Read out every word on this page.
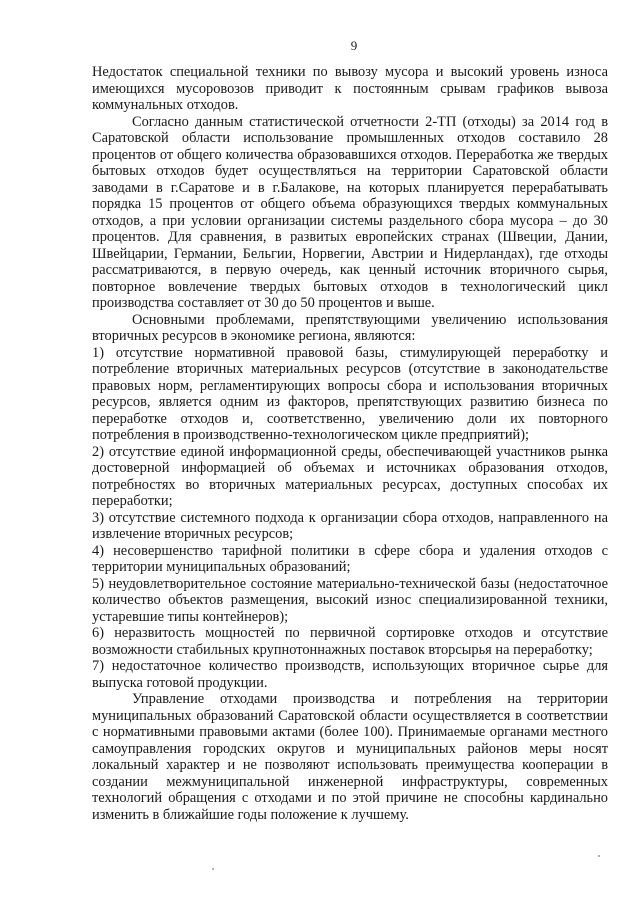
9

Недостаток специальной техники по вывозу мусора и высокий уровень износа имеющихся мусоровозов приводит к постоянным срывам графиков вывоза коммунальных отходов.

Согласно данным статистической отчетности 2-ТП (отходы) за 2014 год в Саратовской области использование промышленных отходов составило 28 процентов от общего количества образовавшихся отходов. Переработка же твердых бытовых отходов будет осуществляться на территории Саратовской области заводами в г.Саратове и в г.Балакове, на которых планируется перерабатывать порядка 15 процентов от общего объема образующихся твердых коммунальных отходов, а при условии организации системы раздельного сбора мусора – до 30 процентов. Для сравнения, в развитых европейских странах (Швеции, Дании, Швейцарии, Германии, Бельгии, Норвегии, Австрии и Нидерландах), где отходы рассматриваются, в первую очередь, как ценный источник вторичного сырья, повторное вовлечение твердых бытовых отходов в технологический цикл производства составляет от 30 до 50 процентов и выше.

Основными проблемами, препятствующими увеличению использования вторичных ресурсов в экономике региона, являются:

1) отсутствие нормативной правовой базы, стимулирующей переработку и потребление вторичных материальных ресурсов (отсутствие в законодательстве правовых норм, регламентирующих вопросы сбора и использования вторичных ресурсов, является одним из факторов, препятствующих развитию бизнеса по переработке отходов и, соответственно, увеличению доли их повторного потребления в производственно-технологическом цикле предприятий);

2) отсутствие единой информационной среды, обеспечивающей участников рынка достоверной информацией об объемах и источниках образования отходов, потребностях во вторичных материальных ресурсах, доступных способах их переработки;

3) отсутствие системного подхода к организации сбора отходов, направленного на извлечение вторичных ресурсов;

4) несовершенство тарифной политики в сфере сбора и удаления отходов с территории муниципальных образований;

5) неудовлетворительное состояние материально-технической базы (недостаточное количество объектов размещения, высокий износ специализированной техники, устаревшие типы контейнеров);

6) неразвитость мощностей по первичной сортировке отходов и отсутствие возможности стабильных крупнотоннажных поставок вторсырья на переработку;

7) недостаточное количество производств, использующих вторичное сырье для выпуска готовой продукции.

Управление отходами производства и потребления на территории муниципальных образований Саратовской области осуществляется в соответствии с нормативными правовыми актами (более 100). Принимаемые органами местного самоуправления городских округов и муниципальных районов меры носят локальный характер и не позволяют использовать преимущества кооперации в создании межмуниципальной инженерной инфраструктуры, современных технологий обращения с отходами и по этой причине не способны кардинально изменить в ближайшие годы положение к лучшему.
